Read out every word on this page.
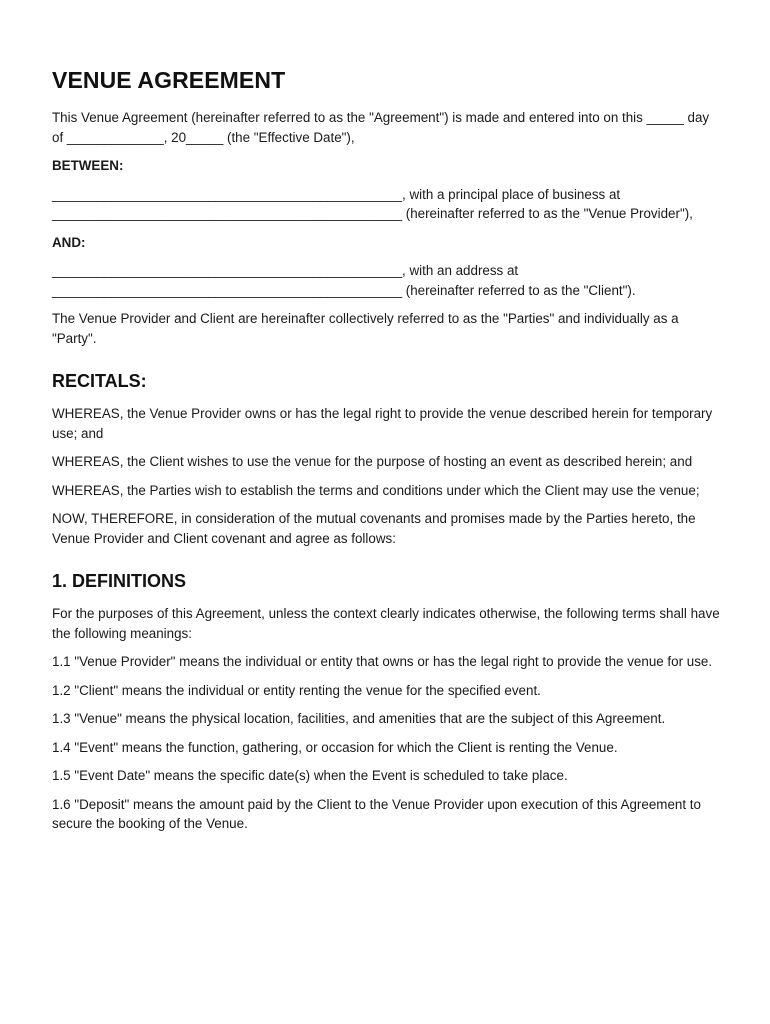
VENUE AGREEMENT

This Venue Agreement (hereinafter referred to as the "Agreement") is made and entered into on this _____ day of _____________, 20_____ (the "Effective Date"),

BETWEEN:

_______________________________________________, with a principal place of business at _______________________________________________ (hereinafter referred to as the "Venue Provider"),

AND:

_______________________________________________, with an address at _______________________________________________ (hereinafter referred to as the "Client").

The Venue Provider and Client are hereinafter collectively referred to as the "Parties" and individually as a "Party".

RECITALS:

WHEREAS, the Venue Provider owns or has the legal right to provide the venue described herein for temporary use; and

WHEREAS, the Client wishes to use the venue for the purpose of hosting an event as described herein; and

WHEREAS, the Parties wish to establish the terms and conditions under which the Client may use the venue;

NOW, THEREFORE, in consideration of the mutual covenants and promises made by the Parties hereto, the Venue Provider and Client covenant and agree as follows:

1. DEFINITIONS

For the purposes of this Agreement, unless the context clearly indicates otherwise, the following terms shall have the following meanings:

1.1 "Venue Provider" means the individual or entity that owns or has the legal right to provide the venue for use.

1.2 "Client" means the individual or entity renting the venue for the specified event.

1.3 "Venue" means the physical location, facilities, and amenities that are the subject of this Agreement.

1.4 "Event" means the function, gathering, or occasion for which the Client is renting the Venue.

1.5 "Event Date" means the specific date(s) when the Event is scheduled to take place.

1.6 "Deposit" means the amount paid by the Client to the Venue Provider upon execution of this Agreement to secure the booking of the Venue.
